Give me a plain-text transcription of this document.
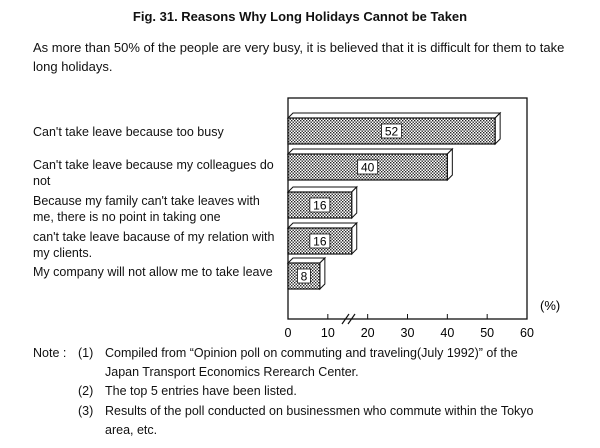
Fig. 31. Reasons Why Long Holidays Cannot be Taken
As more than 50% of the people are very busy, it is believed that it is difficult for them to take long holidays.
Can't take leave because too busy
Can't take leave because my colleagues do not
Because my family can't take leaves with me, there is no point in taking one
can't take leave bacause of my relation with my clients.
My company will not allow me to take leave
52
40
16
16
8
0 10 20 30 40 50 60
(%)
Note : (1) Compiled from “Opinion poll on commuting and traveling(July 1992)” of the
Japan Transport Economics Rerearch Center.
(2) The top 5 entries have been listed.
(3) Results of the poll conducted on businessmen who commute within the Tokyo
area, etc.
